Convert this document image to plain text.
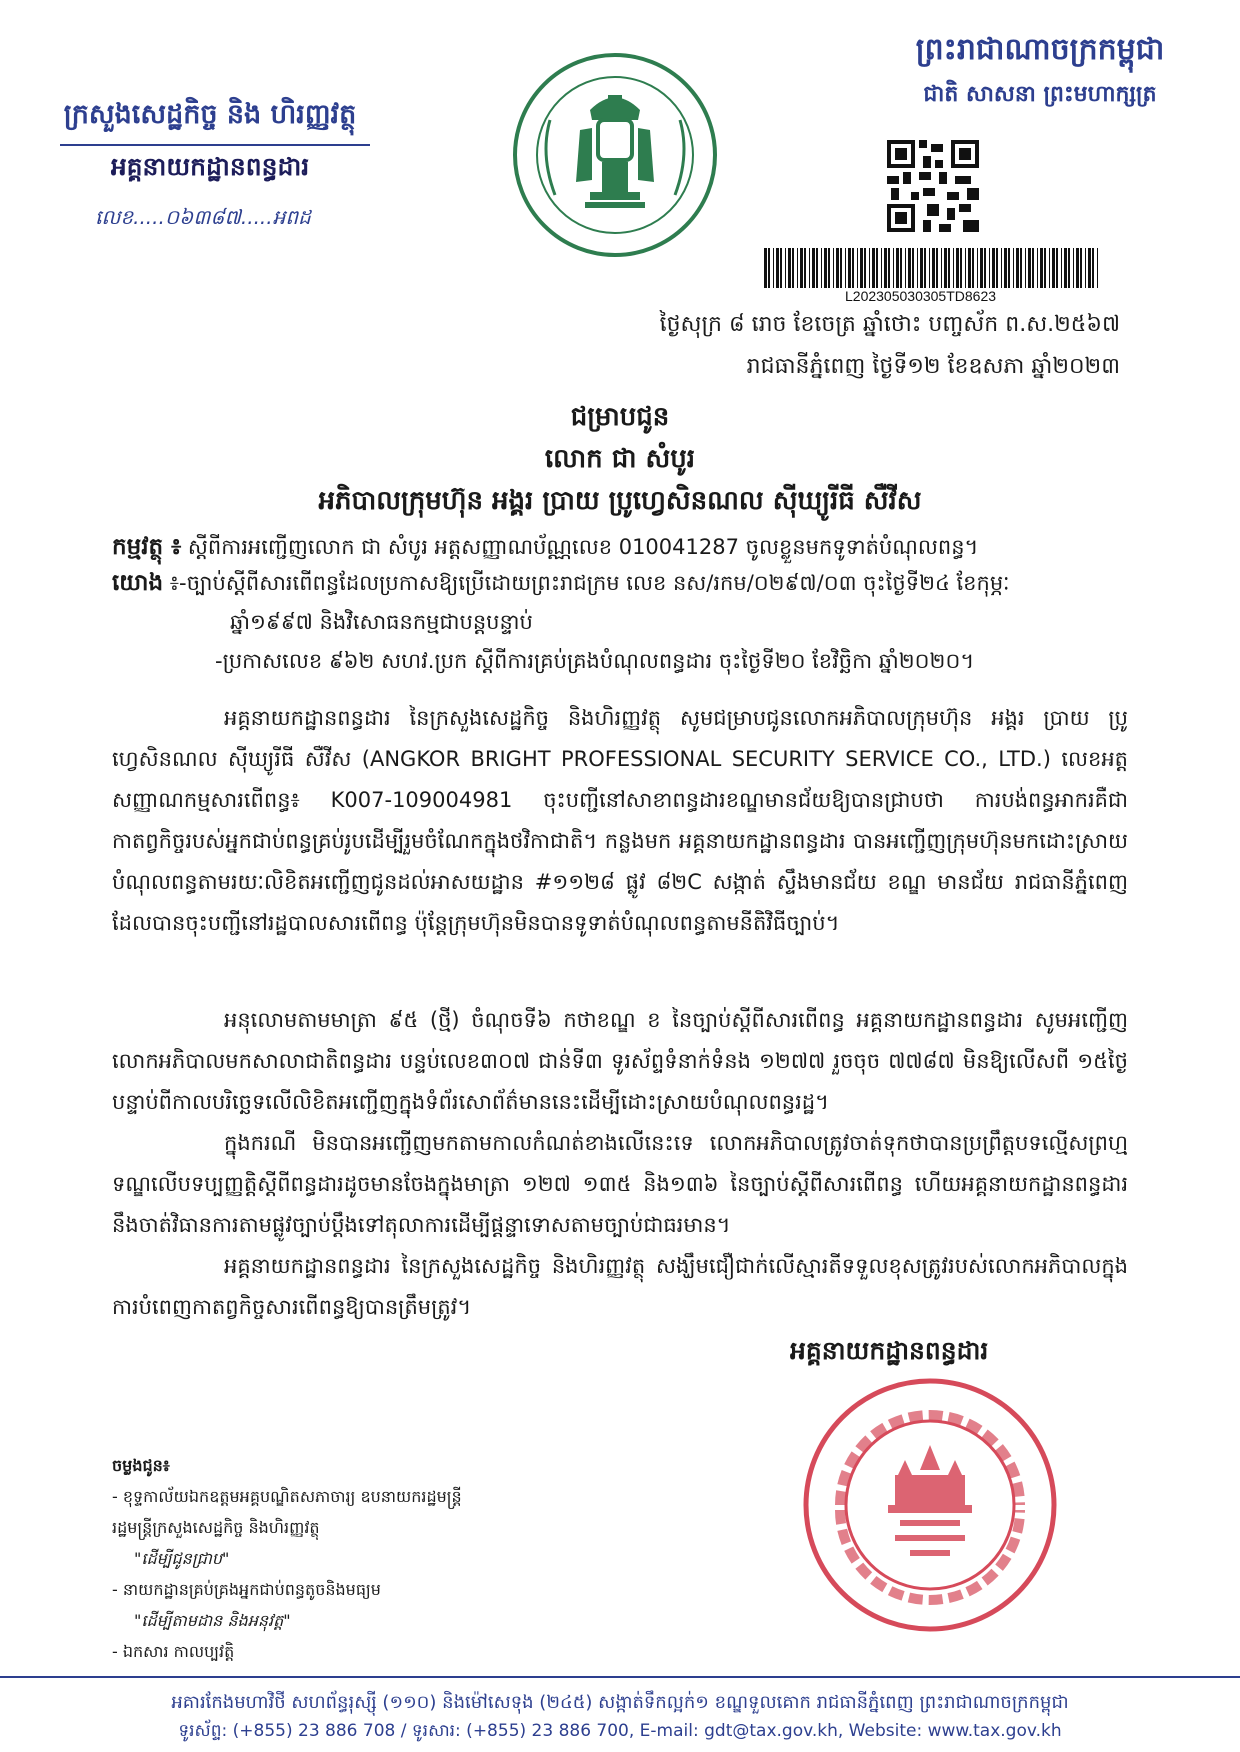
ក្រសួងសេដ្ឋកិច្ច និង ហិរញ្ញវត្ថុ
អគ្គនាយកដ្ឋានពន្ធដារ
លេខ.....០៦៣៨៧.....អពដ
ព្រះរាជាណាចក្រកម្ពុជា
ជាតិ សាសនា ព្រះមហាក្សត្រ
L202305030305TD8623
ថ្ងៃសុក្រ ៨ រោច ខែចេត្រ ឆ្នាំថោះ បញ្ចស័ក ព.ស.២៥៦៧
រាជធានីភ្នំពេញ ថ្ងៃទី១២ ខែឧសភា ឆ្នាំ២០២៣
ជម្រាបជូន
លោក ជា សំបូរ
អភិបាលក្រុមហ៊ុន អង្គរ ប្រាយ ប្រូហ្វេសិនណល ស៊ីឃ្យូរីធី សឺវីស
កម្មវត្ថុ ៖ ស្តីពីការអញ្ជើញលោក ជា សំបូរ អត្តសញ្ញាណប័ណ្ណលេខ 010041287 ចូលខ្លួនមកទូទាត់បំណុលពន្ធ។
យោង ៖-ច្បាប់ស្តីពីសារពើពន្ធដែលប្រកាសឱ្យប្រើដោយព្រះរាជក្រម លេខ នស/រកម/០២៩៧/០៣ ចុះថ្ងៃទី២៤ ខែកុម្ភៈ
ឆ្នាំ១៩៩៧ និងវិសោធនកម្មជាបន្តបន្ទាប់
-ប្រកាសលេខ ៩៦២ សហវ.ប្រក ស្តីពីការគ្រប់គ្រងបំណុលពន្ធដារ ចុះថ្ងៃទី២០ ខែវិច្ឆិកា ឆ្នាំ២០២០។
អគ្គនាយកដ្ឋានពន្ធដារ នៃក្រសួងសេដ្ឋកិច្ច និងហិរញ្ញវត្ថុ សូមជម្រាបជូនលោកអភិបាលក្រុមហ៊ុន អង្គរ ប្រាយ ប្រូហ្វេសិនណល ស៊ីឃ្យូរីធី សឺវីស (ANGKOR BRIGHT PROFESSIONAL SECURITY SERVICE CO., LTD.) លេខអត្តសញ្ញាណកម្មសារពើពន្ធ៖ K007-109004981 ចុះបញ្ជីនៅសាខាពន្ធដារខណ្ឌមានជ័យឱ្យបានជ្រាបថា ការបង់ពន្ធអាករគឺជាកាតព្វកិច្ចរបស់អ្នកជាប់ពន្ធគ្រប់រូបដើម្បីរួមចំណែកក្នុងថវិកាជាតិ។ កន្លងមក អគ្គនាយកដ្ឋានពន្ធដារ បានអញ្ជើញក្រុមហ៊ុនមកដោះស្រាយបំណុលពន្ធតាមរយៈលិខិតអញ្ជើញជូនដល់អាសយដ្ឋាន #១១២៨ ផ្លូវ ៨២C សង្កាត់ ស្ទឹងមានជ័យ ខណ្ឌ មានជ័យ រាជធានីភ្នំពេញ ដែលបានចុះបញ្ជីនៅរដ្ឋបាលសារពើពន្ធ ប៉ុន្តែក្រុមហ៊ុនមិនបានទូទាត់បំណុលពន្ធតាមនីតិវិធីច្បាប់។
អនុលោមតាមមាត្រា ៩៥ (ថ្មី) ចំណុចទី៦ កថាខណ្ឌ ខ នៃច្បាប់ស្តីពីសារពើពន្ធ អគ្គនាយកដ្ឋានពន្ធដារ សូមអញ្ជើញលោកអភិបាលមកសាលាជាតិពន្ធដារ បន្ទប់លេខ៣០៧ ជាន់ទី៣ ទូរស័ព្ទទំនាក់ទំនង ១២៧៧ រួចចុច ៧៧៨៧ មិនឱ្យលើសពី ១៥ថ្ងៃ បន្ទាប់ពីកាលបរិច្ឆេទលើលិខិតអញ្ជើញក្នុងទំព័រសោព័ត៌មាននេះដើម្បីដោះស្រាយបំណុលពន្ធរដ្ឋ។
ក្នុងករណី មិនបានអញ្ជើញមកតាមកាលកំណត់ខាងលើនេះទេ លោកអភិបាលត្រូវចាត់ទុកថាបានប្រព្រឹត្តបទល្មើសព្រហ្មទណ្ឌលើបទប្បញ្ញត្តិស្តីពីពន្ធដារដូចមានចែងក្នុងមាត្រា ១២៧ ១៣៥ និង១៣៦ នៃច្បាប់ស្តីពីសារពើពន្ធ ហើយអគ្គនាយកដ្ឋានពន្ធដារនឹងចាត់វិធានការតាមផ្លូវច្បាប់ប្តឹងទៅតុលាការដើម្បីផ្តន្ទាទោសតាមច្បាប់ជាធរមាន។
អគ្គនាយកដ្ឋានពន្ធដារ នៃក្រសួងសេដ្ឋកិច្ច និងហិរញ្ញវត្ថុ សង្ឃឹមជឿជាក់លើស្មារតីទទួលខុសត្រូវរបស់លោកអភិបាលក្នុងការបំពេញកាតព្វកិច្ចសារពើពន្ធឱ្យបានត្រឹមត្រូវ។
អគ្គនាយកដ្ឋានពន្ធដារ
ចម្លងជូន៖
- ខុទ្ទកាល័យឯកឧត្តមអគ្គបណ្ឌិតសភាចារ្យ ឧបនាយករដ្ឋមន្ត្រី
រដ្ឋមន្ត្រីក្រសួងសេដ្ឋកិច្ច និងហិរញ្ញវត្ថុ
"ដើម្បីជូនជ្រាប"
- នាយកដ្ឋានគ្រប់គ្រងអ្នកជាប់ពន្ធតូចនិងមធ្យម
"ដើម្បីតាមដាន និងអនុវត្ត"
- ឯកសារ កាលប្បវត្តិ
អគារកែងមហាវិថី សហព័ន្ធរុស្ស៊ី (១១០) និងម៉ៅសេទុង (២៤៥) សង្កាត់ទឹកល្អក់១ ខណ្ឌទួលគោក រាជធានីភ្នំពេញ ព្រះរាជាណាចក្រកម្ពុជា
ទូរស័ព្ទ: (+855) 23 886 708 / ទូរសារ: (+855) 23 886 700, E-mail: gdt@tax.gov.kh, Website: www.tax.gov.kh
